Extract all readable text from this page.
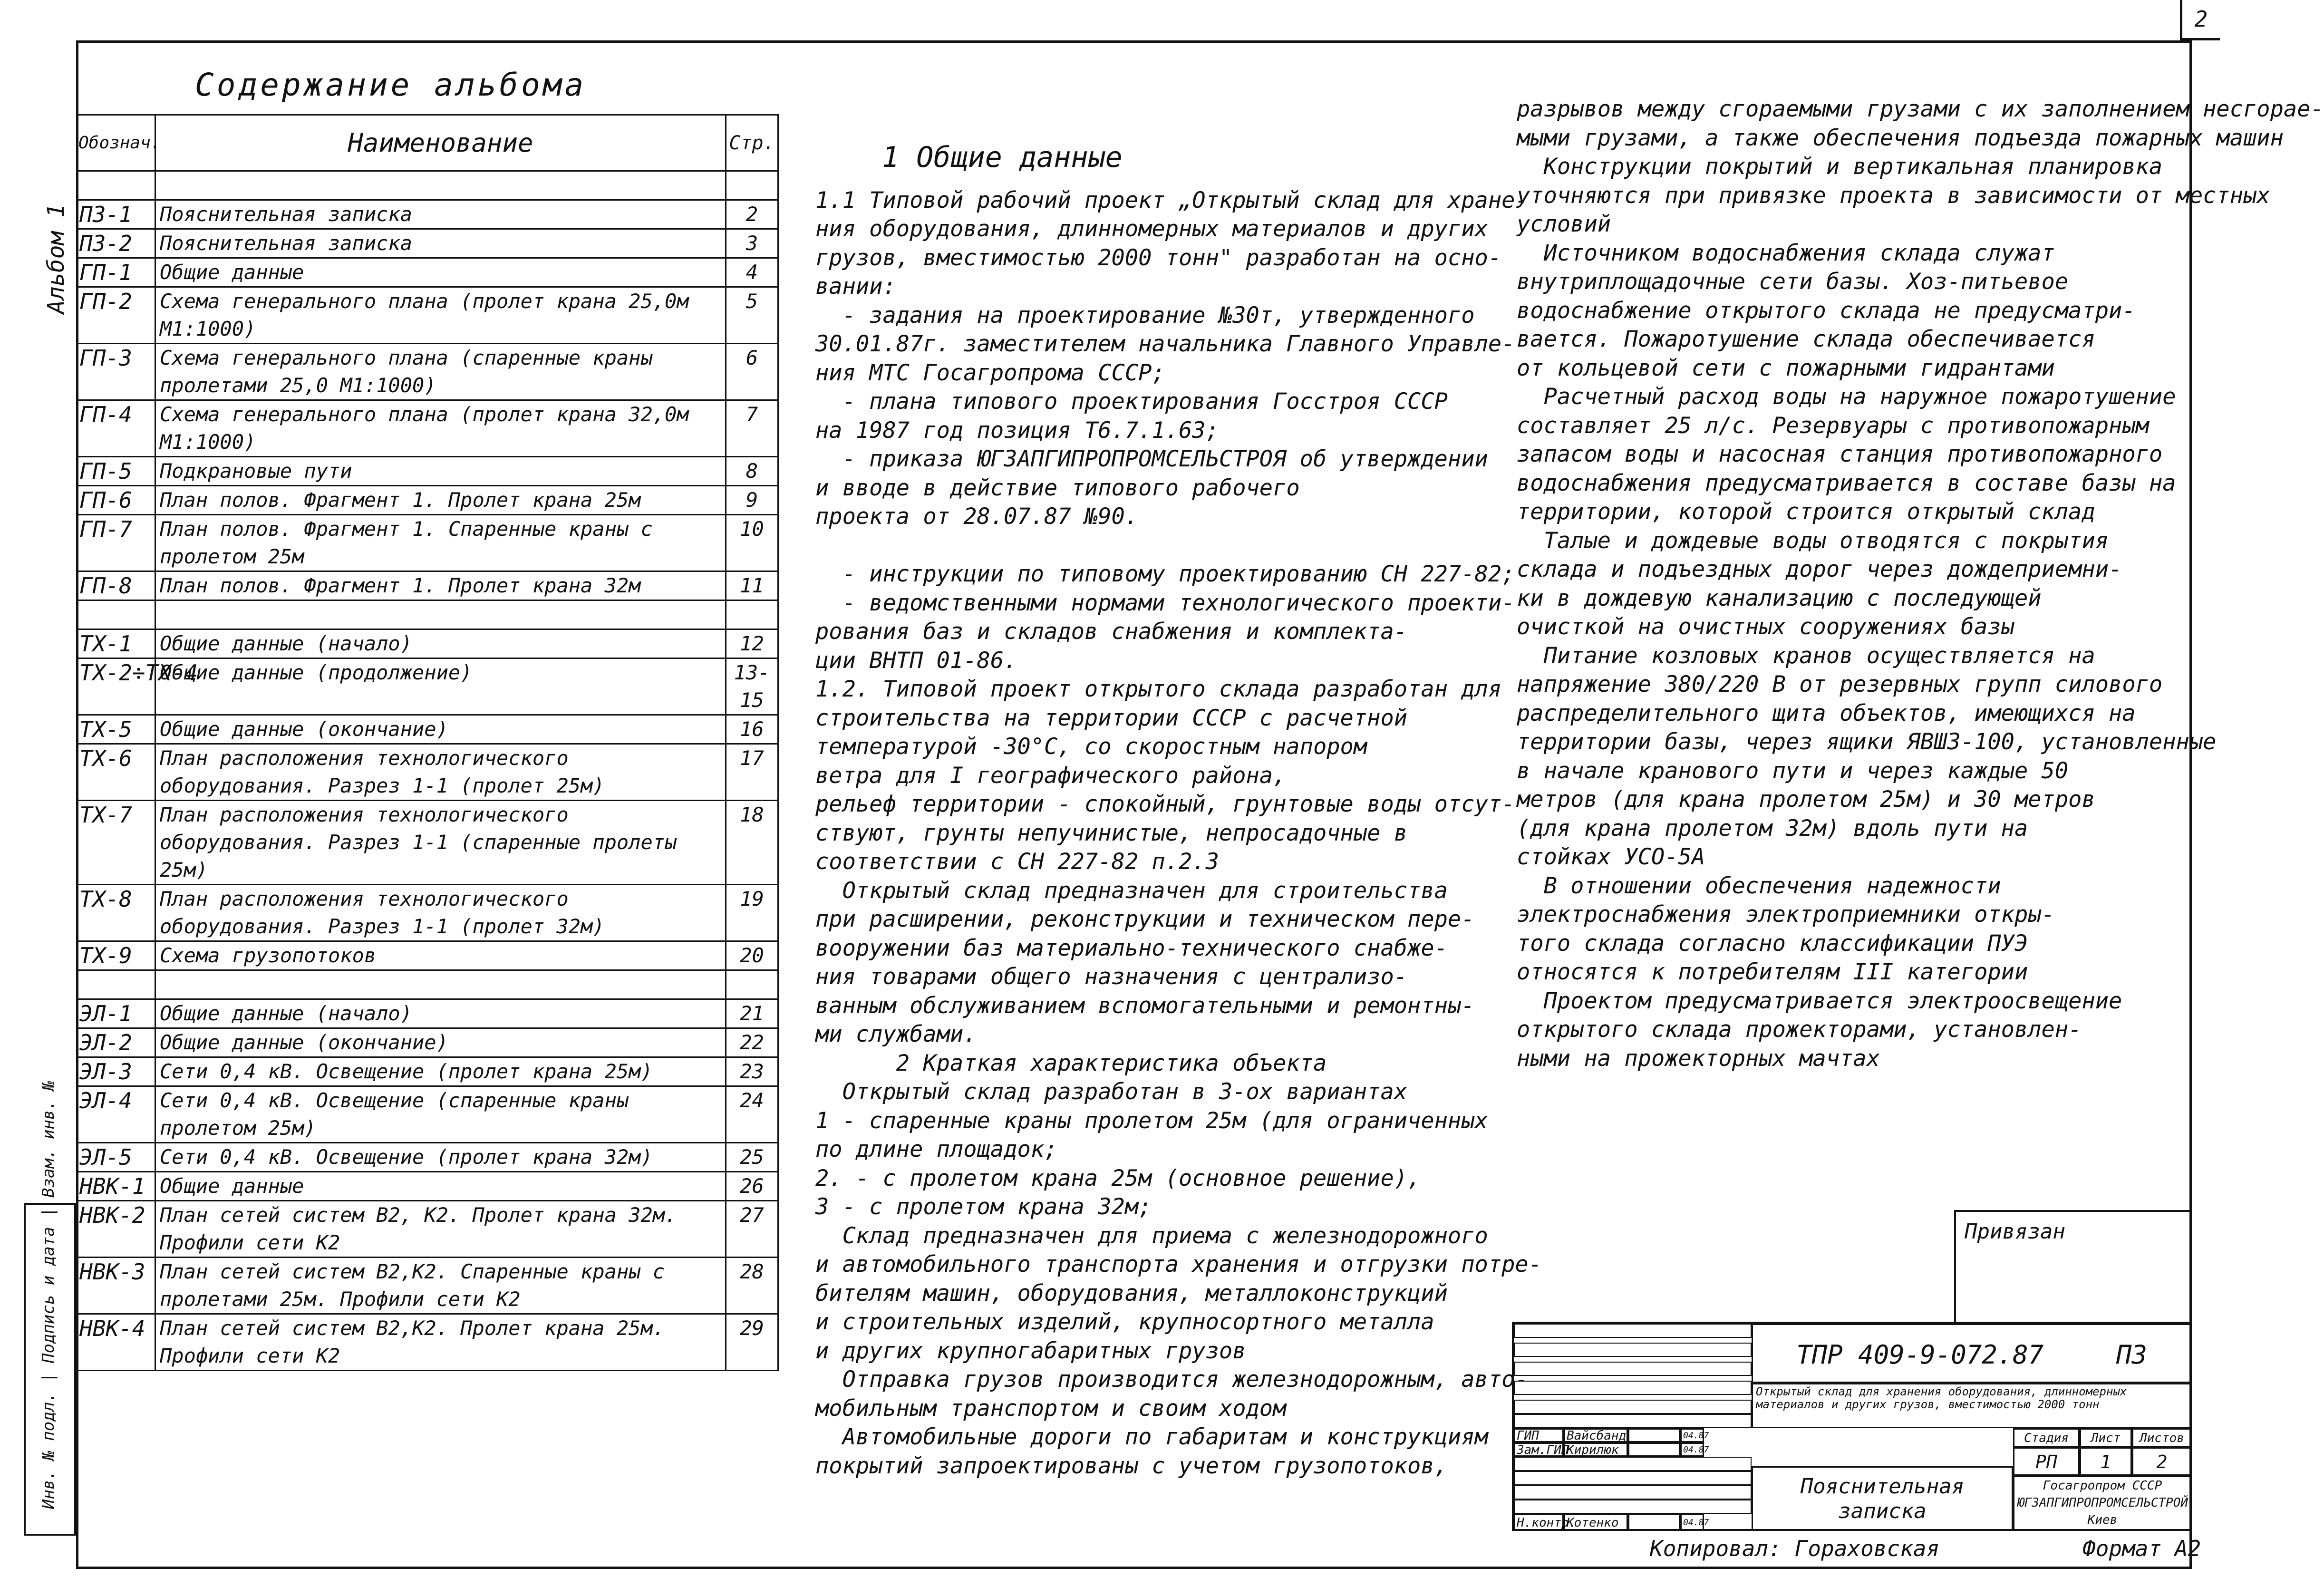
2
Альбом 1
Инв. № подл. | Подпись и дата | Взам. инв. №
Содержание альбома
Обознач.	Наименование	Стр.

ПЗ-1	Пояснительная записка	2
ПЗ-2	Пояснительная записка	3
ГП-1	Общие данные	4
ГП-2	Схема генерального плана (пролет крана 25,0м М1:1000)	5
ГП-3	Схема генерального плана (спаренные краны пролетами 25,0 М1:1000)	6
ГП-4	Схема генерального плана (пролет крана 32,0м М1:1000)	7
ГП-5	Подкрановые пути	8
ГП-6	План полов. Фрагмент 1. Пролет крана 25м	9
ГП-7	План полов. Фрагмент 1. Спаренные краны с пролетом 25м	10
ГП-8	План полов. Фрагмент 1. Пролет крана 32м	11

ТХ-1	Общие данные (начало)	12
ТХ-2÷ТХ-4	Общие данные (продолжение)	13-15
ТХ-5	Общие данные (окончание)	16
ТХ-6	План расположения технологического оборудования. Разрез 1-1 (пролет 25м)	17
ТХ-7	План расположения технологического оборудования. Разрез 1-1 (спаренные пролеты 25м)	18
ТХ-8	План расположения технологического оборудования. Разрез 1-1 (пролет 32м)	19
ТХ-9	Схема грузопотоков	20

ЭЛ-1	Общие данные (начало)	21
ЭЛ-2	Общие данные (окончание)	22
ЭЛ-3	Сети 0,4 кВ. Освещение (пролет крана 25м)	23
ЭЛ-4	Сети 0,4 кВ. Освещение (спаренные краны пролетом 25м)	24
ЭЛ-5	Сети 0,4 кВ. Освещение (пролет крана 32м)	25
НВК-1	Общие данные	26
НВК-2	План сетей систем В2, К2. Пролет крана 32м. Профили сети К2	27
НВК-3	План сетей систем В2,К2. Спаренные краны с пролетами 25м. Профили сети К2	28
НВК-4	План сетей систем В2,К2. Пролет крана 25м. Профили сети К2	29

1 Общие данные
1.1 Типовой рабочий проект „Открытый склад для хране-
ния оборудования, длинномерных материалов и других
грузов, вместимостью 2000 тонн" разработан на осно-
вании:
- задания на проектирование №30т, утвержденного
30.01.87г. заместителем начальника Главного Управле-
ния МТС Госагропрома СССР;
- плана типового проектирования Госстроя СССР
на 1987 год позиция Т6.7.1.63;
- приказа ЮГЗАПГИПРОПРОМСЕЛЬСТРОЯ об утверждении
и вводе в действие типового рабочего
проекта от 28.07.87 №90.
- инструкции по типовому проектированию СН 227-82;
- ведомственными нормами технологического проекти-
рования баз и складов снабжения и комплекта-
ции ВНТП 01-86.
1.2. Типовой проект открытого склада разработан для
строительства на территории СССР с расчетной
температурой -30°С, со скоростным напором
ветра для I географического района,
рельеф территории - спокойный, грунтовые воды отсут-
ствуют, грунты непучинистые, непросадочные в
соответствии с СН 227-82 п.2.3
Открытый склад предназначен для строительства
при расширении, реконструкции и техническом пере-
вооружении баз материально-технического снабже-
ния товарами общего назначения с централизо-
ванным обслуживанием вспомогательными и ремонтны-
ми службами.
2 Краткая характеристика объекта
Открытый склад разработан в 3-ох вариантах
1 - спаренные краны пролетом 25м (для ограниченных
по длине площадок;
2. - с пролетом крана 25м (основное решение),
3 - с пролетом крана 32м;
Склад предназначен для приема с железнодорожного
и автомобильного транспорта хранения и отгрузки потре-
бителям машин, оборудования, металлоконструкций
и строительных изделий, крупносортного металла
и других крупногабаритных грузов
Отправка грузов производится железнодорожным, авто-
мобильным транспортом и своим ходом
Автомобильные дороги по габаритам и конструкциям
покрытий запроектированы с учетом грузопотоков,

разрывов между сгораемыми грузами с их заполнением несгорае-
мыми грузами, а также обеспечения подъезда пожарных машин
Конструкции покрытий и вертикальная планировка
уточняются при привязке проекта в зависимости от местных
условий
Источником водоснабжения склада служат
внутриплощадочные сети базы. Хоз-питьевое
водоснабжение открытого склада не предусматри-
вается. Пожаротушение склада обеспечивается
от кольцевой сети с пожарными гидрантами
Расчетный расход воды на наружное пожаротушение
составляет 25 л/с. Резервуары с противопожарным
запасом воды и насосная станция противопожарного
водоснабжения предусматривается в составе базы на
территории, которой строится открытый склад
Талые и дождевые воды отводятся с покрытия
склада и подъездных дорог через дождеприемни-
ки в дождевую канализацию с последующей
очисткой на очистных сооружениях базы
Питание козловых кранов осуществляется на
напряжение 380/220 В от резервных групп силового
распределительного щита объектов, имеющихся на
территории базы, через ящики ЯВШЗ-100, установленные
в начале кранового пути и через каждые 50
метров (для крана пролетом 25м) и 30 метров
(для крана пролетом 32м) вдоль пути на
стойках УСО-5А
В отношении обеспечения надежности
электроснабжения электроприемники откры-
того склада согласно классификации ПУЭ
относятся к потребителям III категории
Проектом предусматривается электроосвещение
открытого склада прожекторами, установлен-
ными на прожекторных мачтах
Привязан
ТПР 409-9-072.87	ПЗ
Открытый склад для хранения оборудования, длинномерных материалов и других грузов, вместимостью 2000 тонн
Стадия	Лист	Листов
РП	1	2
Пояснительная записка
Госагропром СССР ЮГЗАПГИПРОПРОМСЕЛЬСТРОЙ Киев
ГИП	Вайсбанд	04.87
Зам.ГИП
Кирилюк	04.87
Н.контр.
Котенко	04.87
Копировал: Гораховская	Формат А2
